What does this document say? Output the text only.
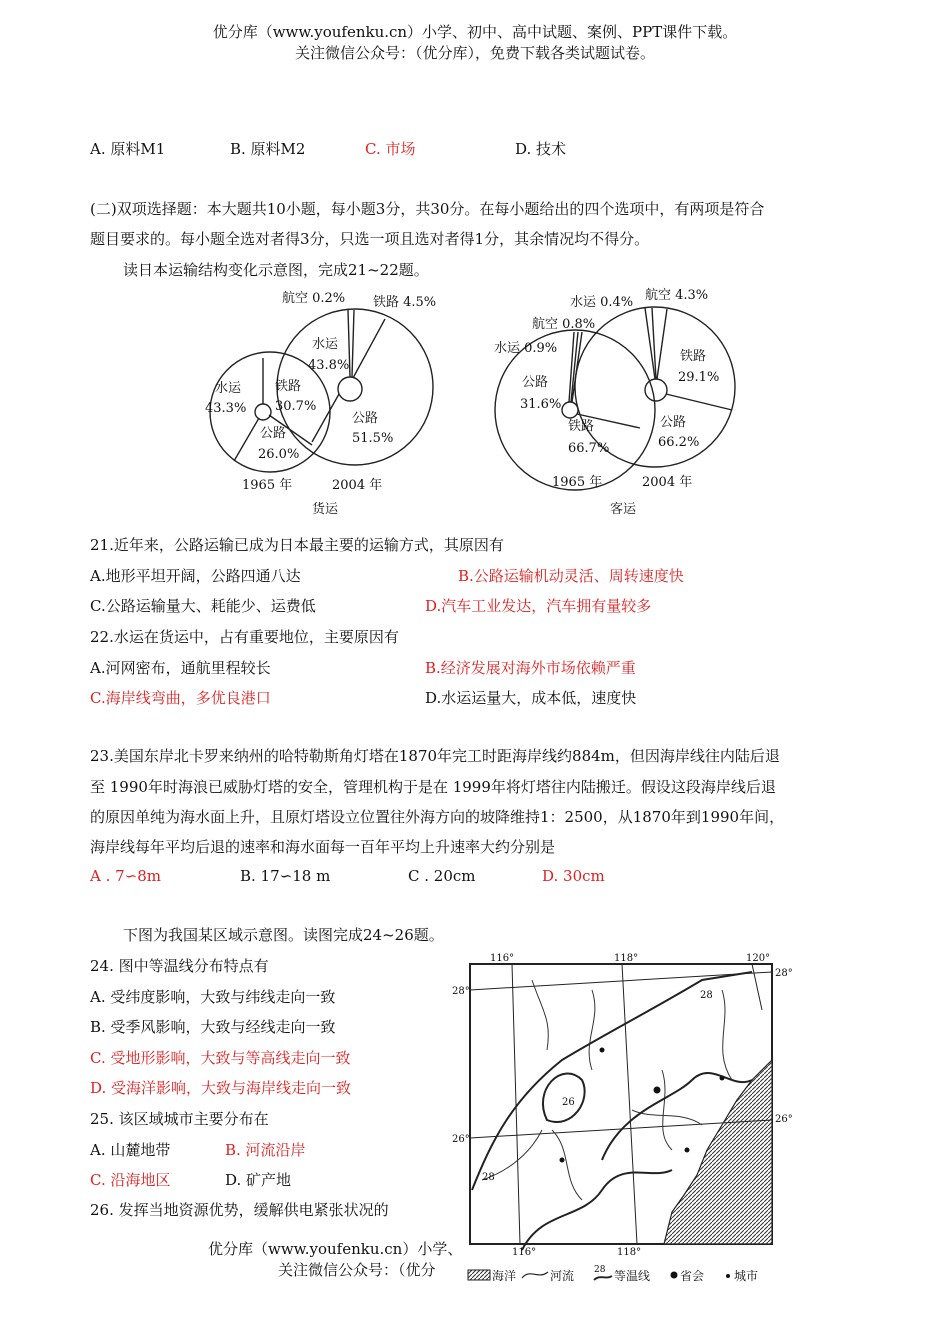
优分库（www.youfenku.cn）小学、初中、高中试题、案例、PPT课件下载。
关注微信公众号：（优分库），免费下载各类试题试卷。
A. 原料M1	B. 原料M2	C. 市场	D. 技术
(二)双项选择题：本大题共10小题，每小题3分，共30分。在每小题给出的四个选项中，有两项是符合
题目要求的。每小题全选对者得3分，只选一项且选对者得1分，其余情况均不得分。
读日本运输结构变化示意图，完成21~22题。
水运
43.3%
铁路
30.7%
公路
26.0%
航空 0.2% 铁路 4.5%
水运
43.8%
公路
51.5%
1965 年	2004 年
货运
水运 0.9%
航空 0.8%
公路
31.6%
铁路
66.7%
水运 0.4% 航空 4.3%
铁路
29.1%
公路
66.2%
1965 年	2004 年
客运
21.近年来，公路运输已成为日本最主要的运输方式，其原因有
A.地形平坦开阔，公路四通八达	B.公路运输机动灵活、周转速度快
C.公路运输量大、耗能少、运费低	D.汽车工业发达，汽车拥有量较多
22.水运在货运中，占有重要地位，主要原因有
A.河网密布，通航里程较长	B.经济发展对海外市场依赖严重
C.海岸线弯曲，多优良港口	D.水运运量大，成本低，速度快
23.美国东岸北卡罗来纳州的哈特勒斯角灯塔在1870年完工时距海岸线约884m，但因海岸线往内陆后退
至 1990年时海浪已威胁灯塔的安全，管理机构于是在 1999年将灯塔往内陆搬迁。假设这段海岸线后退
的原因单纯为海水面上升，且原灯塔设立位置往外海方向的坡降维持1：2500，从1870年到1990年间，
海岸线每年平均后退的速率和海水面每一百年平均上升速率大约分别是
A . 7∽8m	B. 17∽18 m	C . 20cm	D. 30cm
下图为我国某区域示意图。读图完成24~26题。
24. 图中等温线分布特点有
A. 受纬度影响，大致与纬线走向一致
B. 受季风影响，大致与经线走向一致
C. 受地形影响，大致与等高线走向一致
D. 受海洋影响，大致与海岸线走向一致
25. 该区域城市主要分布在
A. 山麓地带	B. 河流沿岸
C. 沿海地区	D. 矿产地
26. 发挥当地资源优势，缓解供电紧张状况的
116°	118°	120°
28°
28°
26°
26°
28
26
28
116°	118°
海洋	河流 28 等温线 省会 城市
优分库（www.youfenku.cn）小学、
关注微信公众号：（优分
